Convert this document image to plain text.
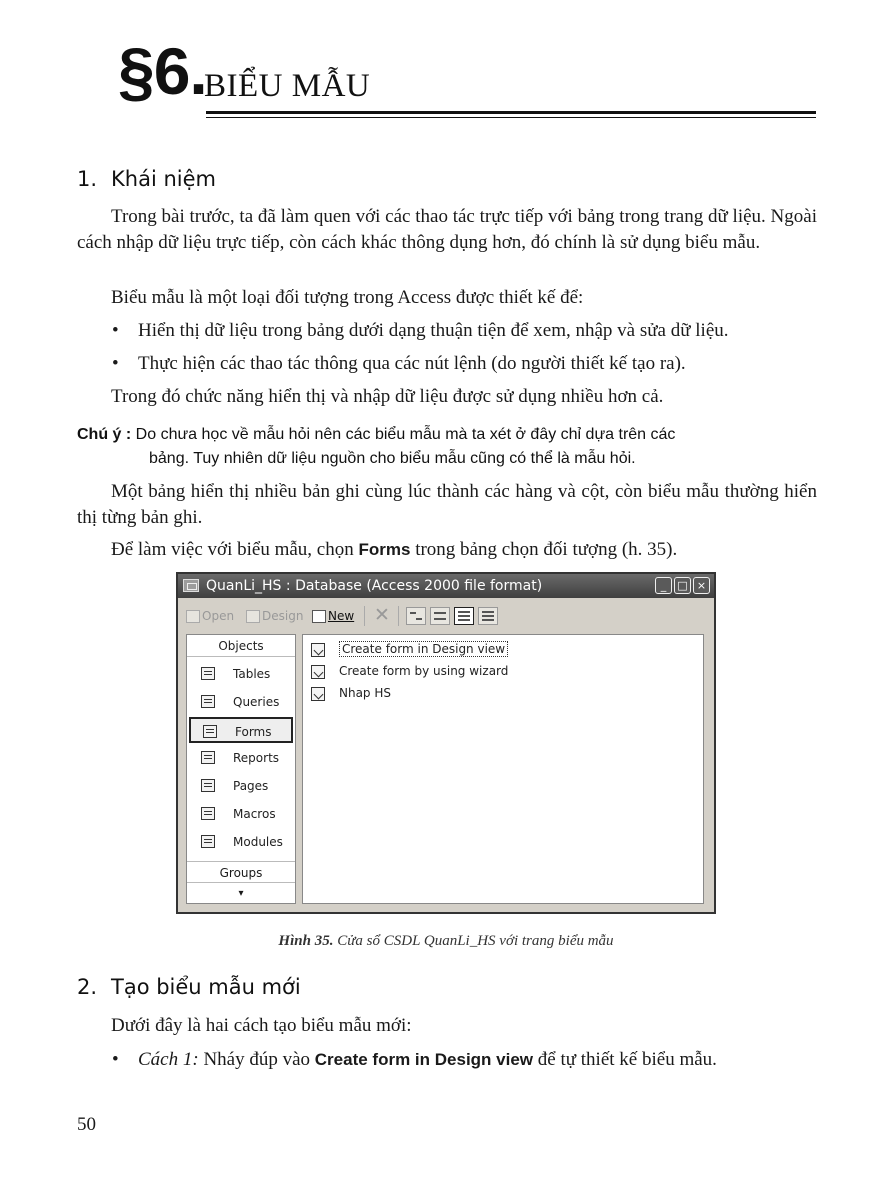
§6.
BIỂU MẪU
1. Khái niệm

Trong bài trước, ta đã làm quen với các thao tác trực tiếp với bảng trong trang dữ liệu. Ngoài cách nhập dữ liệu trực tiếp, còn cách khác thông dụng hơn, đó chính là sử dụng biểu mẫu.

Biểu mẫu là một loại đối tượng trong Access được thiết kế để:

•	Hiển thị dữ liệu trong bảng dưới dạng thuận tiện để xem, nhập và sửa dữ liệu.
•	Thực hiện các thao tác thông qua các nút lệnh (do người thiết kế tạo ra).

Trong đó chức năng hiển thị và nhập dữ liệu được sử dụng nhiều hơn cả.

Chú ý : Do chưa học về mẫu hỏi nên các biểu mẫu mà ta xét ở đây chỉ dựa trên các
bảng. Tuy nhiên dữ liệu nguồn cho biểu mẫu cũng có thể là mẫu hỏi.

Một bảng hiển thị nhiều bản ghi cùng lúc thành các hàng và cột, còn biểu mẫu thường hiển thị từng bản ghi.

Để làm việc với biểu mẫu, chọn Forms trong bảng chọn đối tượng (h. 35).

QuanLi_HS : Database (Access 2000 file format)	_	□ ×
Open	Design	New ✕
Objects
Tables
Queries
Forms
Reports
Pages
Macros
Modules
Groups
▾
Create form in Design view
Create form by using wizard
Nhap HS
Hình 35. Cửa sổ CSDL QuanLi_HS với trang biểu mẫu
2. Tạo biểu mẫu mới

Dưới đây là hai cách tạo biểu mẫu mới:

•	Cách 1: Nháy đúp vào Create form in Design view để tự thiết kế biểu mẫu.
50
